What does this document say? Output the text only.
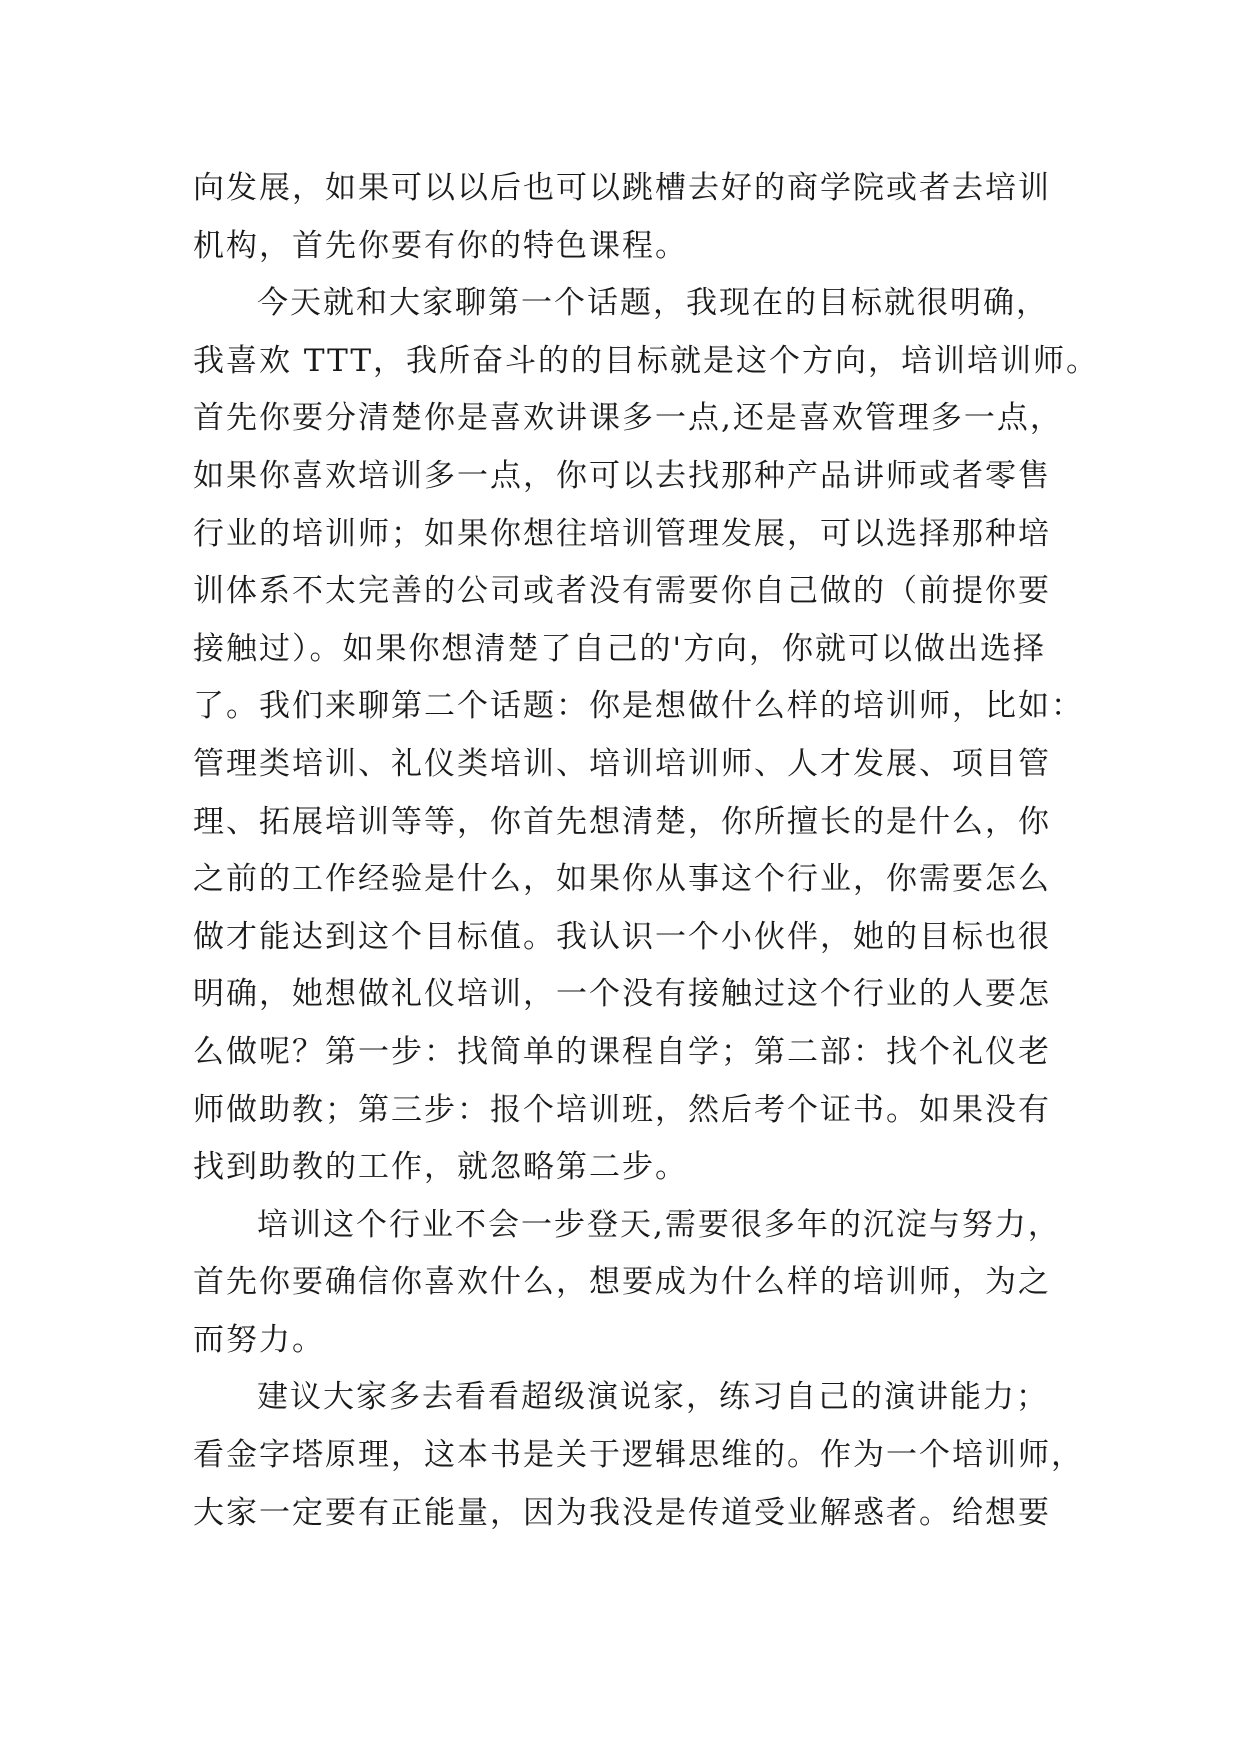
向发展，如果可以以后也可以跳槽去好的商学院或者去培训
机构，首先你要有你的特色课程。
今天就和大家聊第一个话题，我现在的目标就很明确，
我喜欢 TTT，我所奋斗的的目标就是这个方向，培训培训师。
首先你要分清楚你是喜欢讲课多一点,还是喜欢管理多一点，
如果你喜欢培训多一点，你可以去找那种产品讲师或者零售
行业的培训师；如果你想往培训管理发展，可以选择那种培
训体系不太完善的公司或者没有需要你自己做的（前提你要
接触过）。如果你想清楚了自己的'方向，你就可以做出选择
了。我们来聊第二个话题：你是想做什么样的培训师，比如：
管理类培训、礼仪类培训、培训培训师、人才发展、项目管
理、拓展培训等等，你首先想清楚，你所擅长的是什么，你
之前的工作经验是什么，如果你从事这个行业，你需要怎么
做才能达到这个目标值。我认识一个小伙伴，她的目标也很
明确，她想做礼仪培训，一个没有接触过这个行业的人要怎
么做呢？第一步：找简单的课程自学；第二部：找个礼仪老
师做助教；第三步：报个培训班，然后考个证书。如果没有
找到助教的工作，就忽略第二步。
培训这个行业不会一步登天,需要很多年的沉淀与努力，
首先你要确信你喜欢什么，想要成为什么样的培训师，为之
而努力。
建议大家多去看看超级演说家，练习自己的演讲能力；
看金字塔原理，这本书是关于逻辑思维的。作为一个培训师，
大家一定要有正能量，因为我没是传道受业解惑者。给想要
